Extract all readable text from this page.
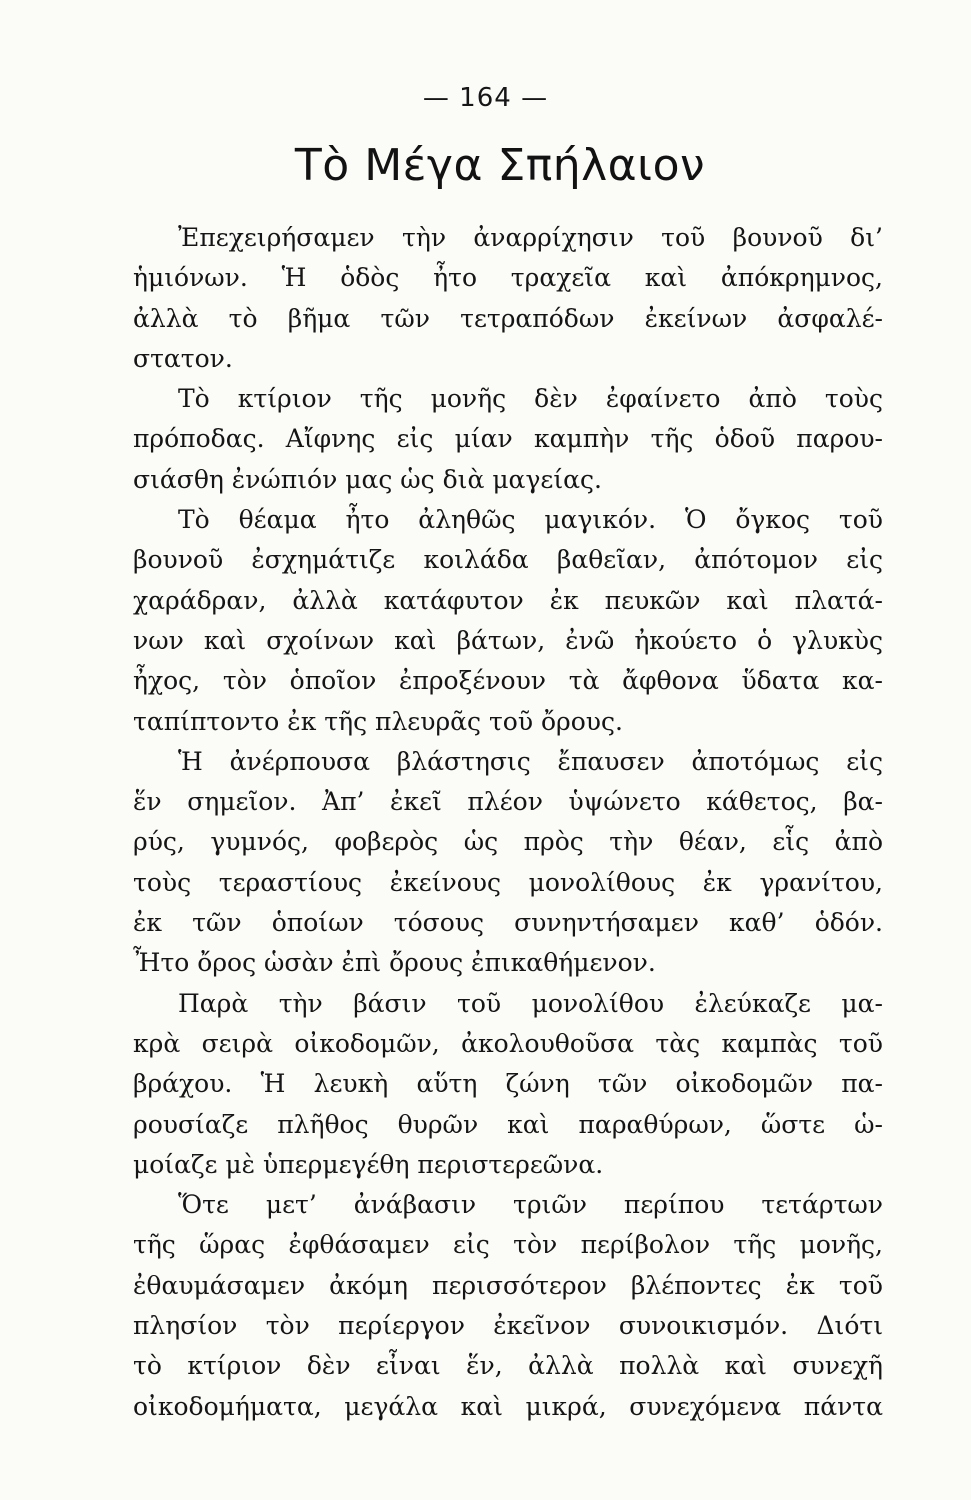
— 164 —
Τὸ Μέγα Σπήλαιον
Ἐπεχειρήσαμεν τὴν ἀναρρίχησιν τοῦ βουνοῦ δι’
ἡμιόνων. Ἡ ὁδὸς ἦτο τραχεῖα καὶ ἀπόκρημνος,
ἀλλὰ τὸ βῆμα τῶν τετραπόδων ἐκείνων ἀσφαλέ-
στατον.
Τὸ κτίριον τῆς μονῆς δὲν ἐφαίνετο ἀπὸ τοὺς
πρόποδας. Αἴφνης εἰς μίαν καμπὴν τῆς ὁδοῦ παρου-
σιάσθη ἐνώπιόν μας ὡς διὰ μαγείας.
Τὸ θέαμα ἦτο ἀληθῶς μαγικόν. Ὁ ὄγκος τοῦ
βουνοῦ ἐσχημάτιζε κοιλάδα βαθεῖαν, ἀπότομον εἰς
χαράδραν, ἀλλὰ κατάφυτον ἐκ πευκῶν καὶ πλατά-
νων καὶ σχοίνων καὶ βάτων, ἐνῶ ἠκούετο ὁ γλυκὺς
ἦχος, τὸν ὁποῖον ἐπροξένουν τὰ ἄφθονα ὕδατα κα-
ταπίπτοντο ἐκ τῆς πλευρᾶς τοῦ ὄρους.
Ἡ ἀνέρπουσα βλάστησις ἔπαυσεν ἀποτόμως εἰς
ἕν σημεῖον. Ἀπ’ ἐκεῖ πλέον ὑψώνετο κάθετος, βα-
ρύς, γυμνός, φοβερὸς ὡς πρὸς τὴν θέαν, εἷς ἀπὸ
τοὺς τεραστίους ἐκείνους μονολίθους ἐκ γρανίτου,
ἐκ τῶν ὁποίων τόσους συνηντήσαμεν καθ’ ὁδόν.
Ἦτο ὄρος ὡσὰν ἐπὶ ὄρους ἐπικαθήμενον.
Παρὰ τὴν βάσιν τοῦ μονολίθου ἐλεύκαζε μα-
κρὰ σειρὰ οἰκοδομῶν, ἀκολουθοῦσα τὰς καμπὰς τοῦ
βράχου. Ἡ λευκὴ αὕτη ζώνη τῶν οἰκοδομῶν πα-
ρουσίαζε πλῆθος θυρῶν καὶ παραθύρων, ὥστε ὡ-
μοίαζε μὲ ὑπερμεγέθη περιστερεῶνα.
Ὅτε μετ’ ἀνάβασιν τριῶν περίπου τετάρτων
τῆς ὥρας ἐφθάσαμεν εἰς τὸν περίβολον τῆς μονῆς,
ἐθαυμάσαμεν ἀκόμη περισσότερον βλέποντες ἐκ τοῦ
πλησίον τὸν περίεργον ἐκεῖνον συνοικισμόν. Διότι
τὸ κτίριον δὲν εἶναι ἕν, ἀλλὰ πολλὰ καὶ συνεχῆ
οἰκοδομήματα, μεγάλα καὶ μικρά, συνεχόμενα πάντα
